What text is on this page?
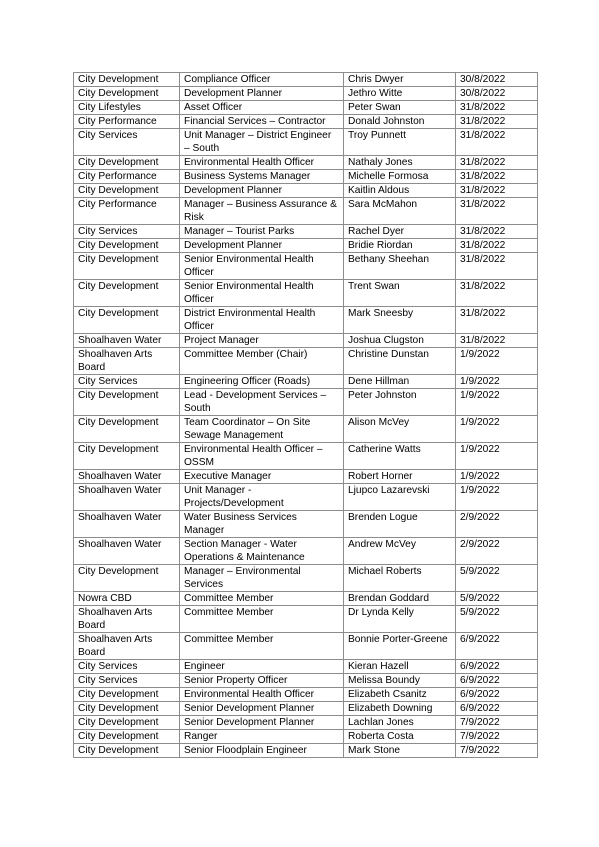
City Development	Compliance Officer	Chris Dwyer	30/8/2022
City Development	Development Planner	Jethro Witte	30/8/2022
City Lifestyles	Asset Officer	Peter Swan	31/8/2022
City Performance	Financial Services – Contractor	Donald Johnston	31/8/2022
City Services	Unit Manager – District Engineer – South	Troy Punnett	31/8/2022
City Development	Environmental Health Officer	Nathaly Jones	31/8/2022
City Performance	Business Systems Manager	Michelle Formosa	31/8/2022
City Development	Development Planner	Kaitlin Aldous	31/8/2022
City Performance	Manager – Business Assurance & Risk	Sara McMahon	31/8/2022
City Services	Manager – Tourist Parks	Rachel Dyer	31/8/2022
City Development	Development Planner	Bridie Riordan	31/8/2022
City Development	Senior Environmental Health Officer	Bethany Sheehan	31/8/2022
City Development	Senior Environmental Health Officer	Trent Swan	31/8/2022
City Development	District Environmental Health Officer	Mark Sneesby	31/8/2022
Shoalhaven Water	Project Manager	Joshua Clugston	31/8/2022
Shoalhaven Arts Board	Committee Member (Chair)	Christine Dunstan	1/9/2022
City Services	Engineering Officer (Roads)	Dene Hillman	1/9/2022
City Development	Lead - Development Services – South	Peter Johnston	1/9/2022
City Development	Team Coordinator – On Site Sewage Management	Alison McVey	1/9/2022
City Development	Environmental Health Officer – OSSM	Catherine Watts	1/9/2022
Shoalhaven Water	Executive Manager	Robert Horner	1/9/2022
Shoalhaven Water	Unit Manager - Projects/Development	Ljupco Lazarevski	1/9/2022
Shoalhaven Water	Water Business Services Manager	Brenden Logue	2/9/2022
Shoalhaven Water	Section Manager - Water Operations & Maintenance	Andrew McVey	2/9/2022
City Development	Manager – Environmental Services	Michael Roberts	5/9/2022
Nowra CBD	Committee Member	Brendan Goddard	5/9/2022
Shoalhaven Arts Board	Committee Member	Dr Lynda Kelly	5/9/2022
Shoalhaven Arts Board	Committee Member	Bonnie Porter-Greene	6/9/2022
City Services	Engineer	Kieran Hazell	6/9/2022
City Services	Senior Property Officer	Melissa Boundy	6/9/2022
City Development	Environmental Health Officer	Elizabeth Csanitz	6/9/2022
City Development	Senior Development Planner	Elizabeth Downing	6/9/2022
City Development	Senior Development Planner	Lachlan Jones	7/9/2022
City Development	Ranger	Roberta Costa	7/9/2022
City Development	Senior Floodplain Engineer	Mark Stone	7/9/2022
